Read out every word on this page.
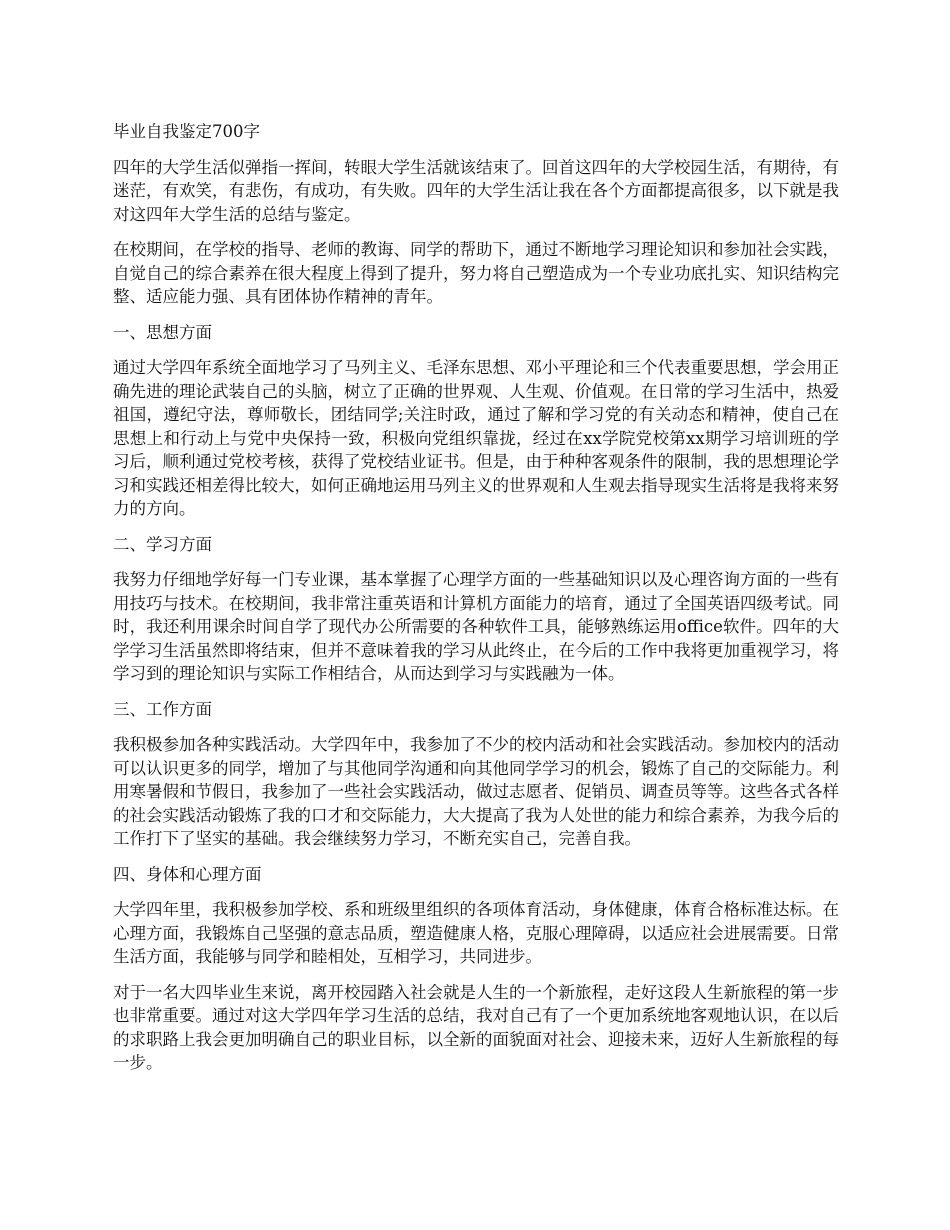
毕业自我鉴定700字

四年的大学生活似弹指一挥间，转眼大学生活就该结束了。回首这四年的大学校园生活，有期待，有迷茫，有欢笑，有悲伤，有成功，有失败。四年的大学生活让我在各个方面都提高很多，以下就是我对这四年大学生活的总结与鉴定。

在校期间，在学校的指导、老师的教诲、同学的帮助下，通过不断地学习理论知识和参加社会实践，自觉自己的综合素养在很大程度上得到了提升，努力将自己塑造成为一个专业功底扎实、知识结构完整、适应能力强、具有团体协作精神的青年。

一、思想方面

通过大学四年系统全面地学习了马列主义、毛泽东思想、邓小平理论和三个代表重要思想，学会用正确先进的理论武装自己的头脑，树立了正确的世界观、人生观、价值观。在日常的学习生活中，热爱祖国，遵纪守法，尊师敬长，团结同学;关注时政，通过了解和学习党的有关动态和精神，使自己在思想上和行动上与党中央保持一致，积极向党组织靠拢，经过在xx学院党校第xx期学习培训班的学习后，顺利通过党校考核，获得了党校结业证书。但是，由于种种客观条件的限制，我的思想理论学习和实践还相差得比较大，如何正确地运用马列主义的世界观和人生观去指导现实生活将是我将来努力的方向。

二、学习方面

我努力仔细地学好每一门专业课，基本掌握了心理学方面的一些基础知识以及心理咨询方面的一些有用技巧与技术。在校期间，我非常注重英语和计算机方面能力的培育，通过了全国英语四级考试。同时，我还利用课余时间自学了现代办公所需要的各种软件工具，能够熟练运用office软件。四年的大学学习生活虽然即将结束，但并不意味着我的学习从此终止，在今后的工作中我将更加重视学习，将学习到的理论知识与实际工作相结合，从而达到学习与实践融为一体。

三、工作方面

我积极参加各种实践活动。大学四年中，我参加了不少的校内活动和社会实践活动。参加校内的活动可以认识更多的同学，增加了与其他同学沟通和向其他同学学习的机会，锻炼了自己的交际能力。利用寒暑假和节假日，我参加了一些社会实践活动，做过志愿者、促销员、调查员等等。这些各式各样的社会实践活动锻炼了我的口才和交际能力，大大提高了我为人处世的能力和综合素养，为我今后的工作打下了坚实的基础。我会继续努力学习，不断充实自己，完善自我。

四、身体和心理方面

大学四年里，我积极参加学校、系和班级里组织的各项体育活动，身体健康，体育合格标准达标。在心理方面，我锻炼自己坚强的意志品质，塑造健康人格，克服心理障碍，以适应社会进展需要。日常生活方面，我能够与同学和睦相处，互相学习，共同进步。

对于一名大四毕业生来说，离开校园踏入社会就是人生的一个新旅程，走好这段人生新旅程的第一步也非常重要。通过对这大学四年学习生活的总结，我对自己有了一个更加系统地客观地认识，在以后的求职路上我会更加明确自己的职业目标，以全新的面貌面对社会、迎接未来，迈好人生新旅程的每一步。
